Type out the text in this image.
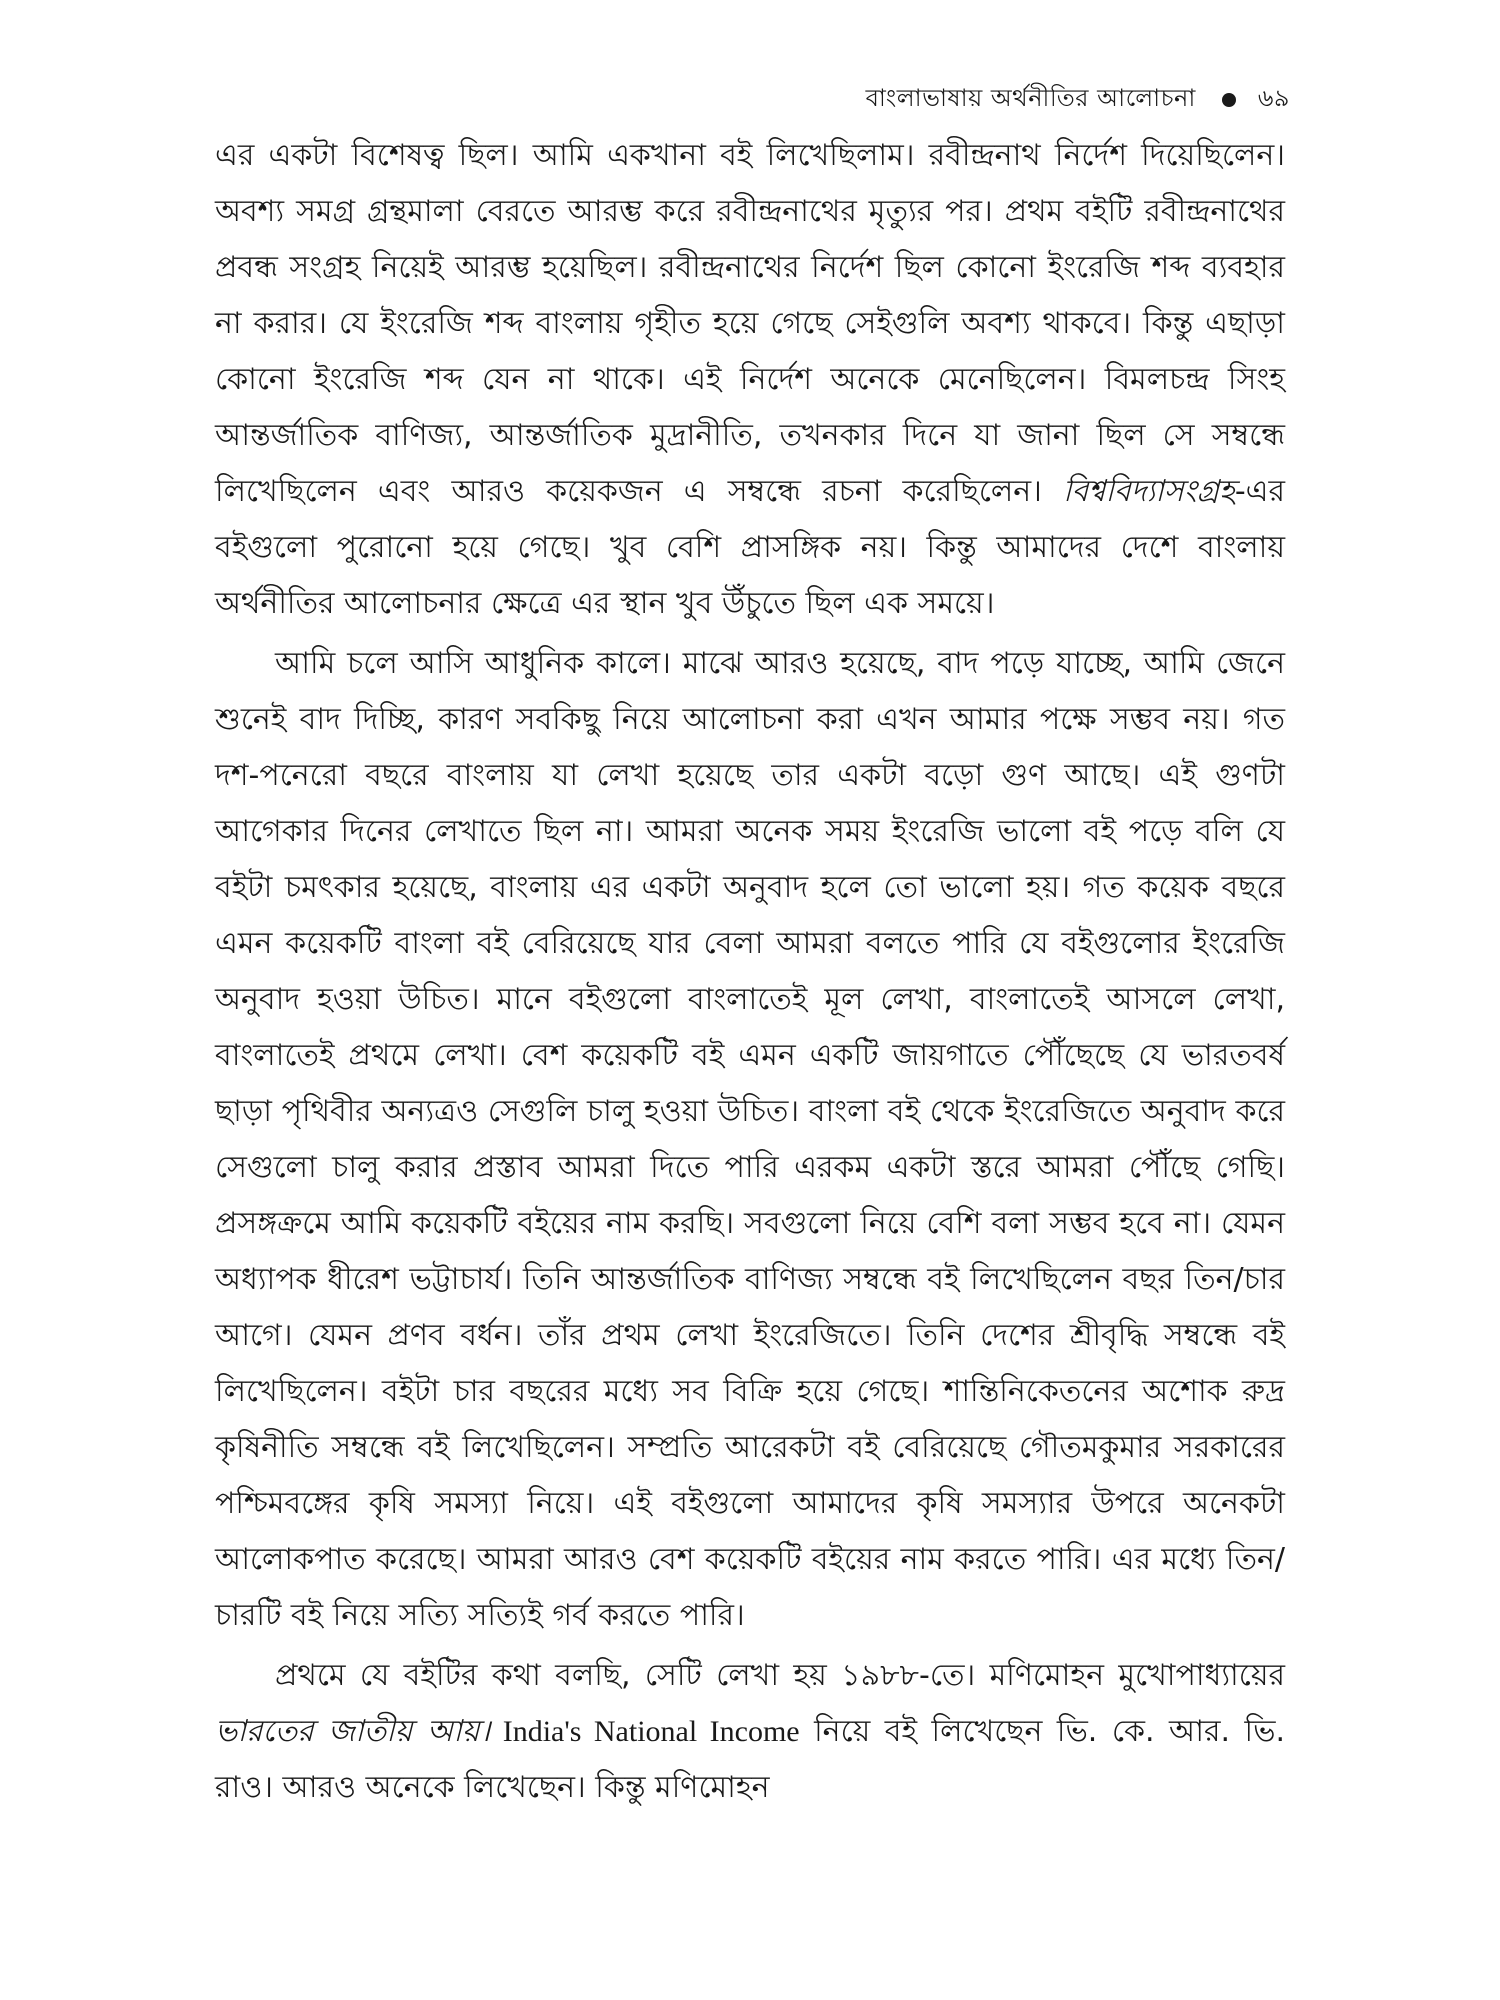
বাংলাভাষায় অর্থনীতির আলোচনা	৬৯

এর একটা বিশেষত্ব ছিল। আমি একখানা বই লিখেছিলাম। রবীন্দ্রনাথ নির্দেশ দিয়েছিলেন। অবশ্য সমগ্র গ্রন্থমালা বেরতে আরম্ভ করে রবীন্দ্রনাথের মৃত্যুর পর। প্রথম বইটি রবীন্দ্রনাথের প্রবন্ধ সংগ্রহ নিয়েই আরম্ভ হয়েছিল। রবীন্দ্রনাথের নির্দেশ ছিল কোনো ইংরেজি শব্দ ব্যবহার না করার। যে ইংরেজি শব্দ বাংলায় গৃহীত হয়ে গেছে সেইগুলি অবশ্য থাকবে। কিন্তু এছাড়া কোনো ইংরেজি শব্দ যেন না থাকে। এই নির্দেশ অনেকে মেনেছিলেন। বিমলচন্দ্র সিংহ আন্তর্জাতিক বাণিজ্য, আন্তর্জাতিক মুদ্রানীতি, তখনকার দিনে যা জানা ছিল সে সম্বন্ধে লিখেছিলেন এবং আরও কয়েকজন এ সম্বন্ধে রচনা করেছিলেন। বিশ্ববিদ্যাসংগ্রহ-এর বইগুলো পুরোনো হয়ে গেছে। খুব বেশি প্রাসঙ্গিক নয়। কিন্তু আমাদের দেশে বাংলায় অর্থনীতির আলোচনার ক্ষেত্রে এর স্থান খুব উঁচুতে ছিল এক সময়ে।

আমি চলে আসি আধুনিক কালে। মাঝে আরও হয়েছে, বাদ পড়ে যাচ্ছে, আমি জেনে শুনেই বাদ দিচ্ছি, কারণ সবকিছু নিয়ে আলোচনা করা এখন আমার পক্ষে সম্ভব নয়। গত দশ-পনেরো বছরে বাংলায় যা লেখা হয়েছে তার একটা বড়ো গুণ আছে। এই গুণটা আগেকার দিনের লেখাতে ছিল না। আমরা অনেক সময় ইংরেজি ভালো বই পড়ে বলি যে বইটা চমৎকার হয়েছে, বাংলায় এর একটা অনুবাদ হলে তো ভালো হয়। গত কয়েক বছরে এমন কয়েকটি বাংলা বই বেরিয়েছে যার বেলা আমরা বলতে পারি যে বইগুলোর ইংরেজি অনুবাদ হওয়া উচিত। মানে বইগুলো বাংলাতেই মূল লেখা, বাংলাতেই আসলে লেখা, বাংলাতেই প্রথমে লেখা। বেশ কয়েকটি বই এমন একটি জায়গাতে পৌঁছেছে যে ভারতবর্ষ ছাড়া পৃথিবীর অন্যত্রও সেগুলি চালু হওয়া উচিত। বাংলা বই থেকে ইংরেজিতে অনুবাদ করে সেগুলো চালু করার প্রস্তাব আমরা দিতে পারি এরকম একটা স্তরে আমরা পৌঁছে গেছি। প্রসঙ্গক্রমে আমি কয়েকটি বইয়ের নাম করছি। সবগুলো নিয়ে বেশি বলা সম্ভব হবে না। যেমন অধ্যাপক ধীরেশ ভট্টাচার্য। তিনি আন্তর্জাতিক বাণিজ্য সম্বন্ধে বই লিখেছিলেন বছর তিন/চার আগে। যেমন প্রণব বর্ধন। তাঁর প্রথম লেখা ইংরেজিতে। তিনি দেশের শ্রীবৃদ্ধি সম্বন্ধে বই লিখেছিলেন। বইটা চার বছরের মধ্যে সব বিক্রি হয়ে গেছে। শান্তিনিকেতনের অশোক রুদ্র কৃষিনীতি সম্বন্ধে বই লিখেছিলেন। সম্প্রতি আরেকটা বই বেরিয়েছে গৌতমকুমার সরকারের পশ্চিমবঙ্গের কৃষি সমস্যা নিয়ে। এই বইগুলো আমাদের কৃষি সমস্যার উপরে অনেকটা আলোকপাত করেছে। আমরা আরও বেশ কয়েকটি বইয়ের নাম করতে পারি। এর মধ্যে তিন/চারটি বই নিয়ে সত্যি সত্যিই গর্ব করতে পারি।

প্রথমে যে বইটির কথা বলছি, সেটি লেখা হয় ১৯৮৮-তে। মণিমোহন মুখোপাধ্যায়ের ভারতের জাতীয় আয়। India's National Income নিয়ে বই লিখেছেন ভি. কে. আর. ভি. রাও। আরও অনেকে লিখেছেন। কিন্তু মণিমোহন
